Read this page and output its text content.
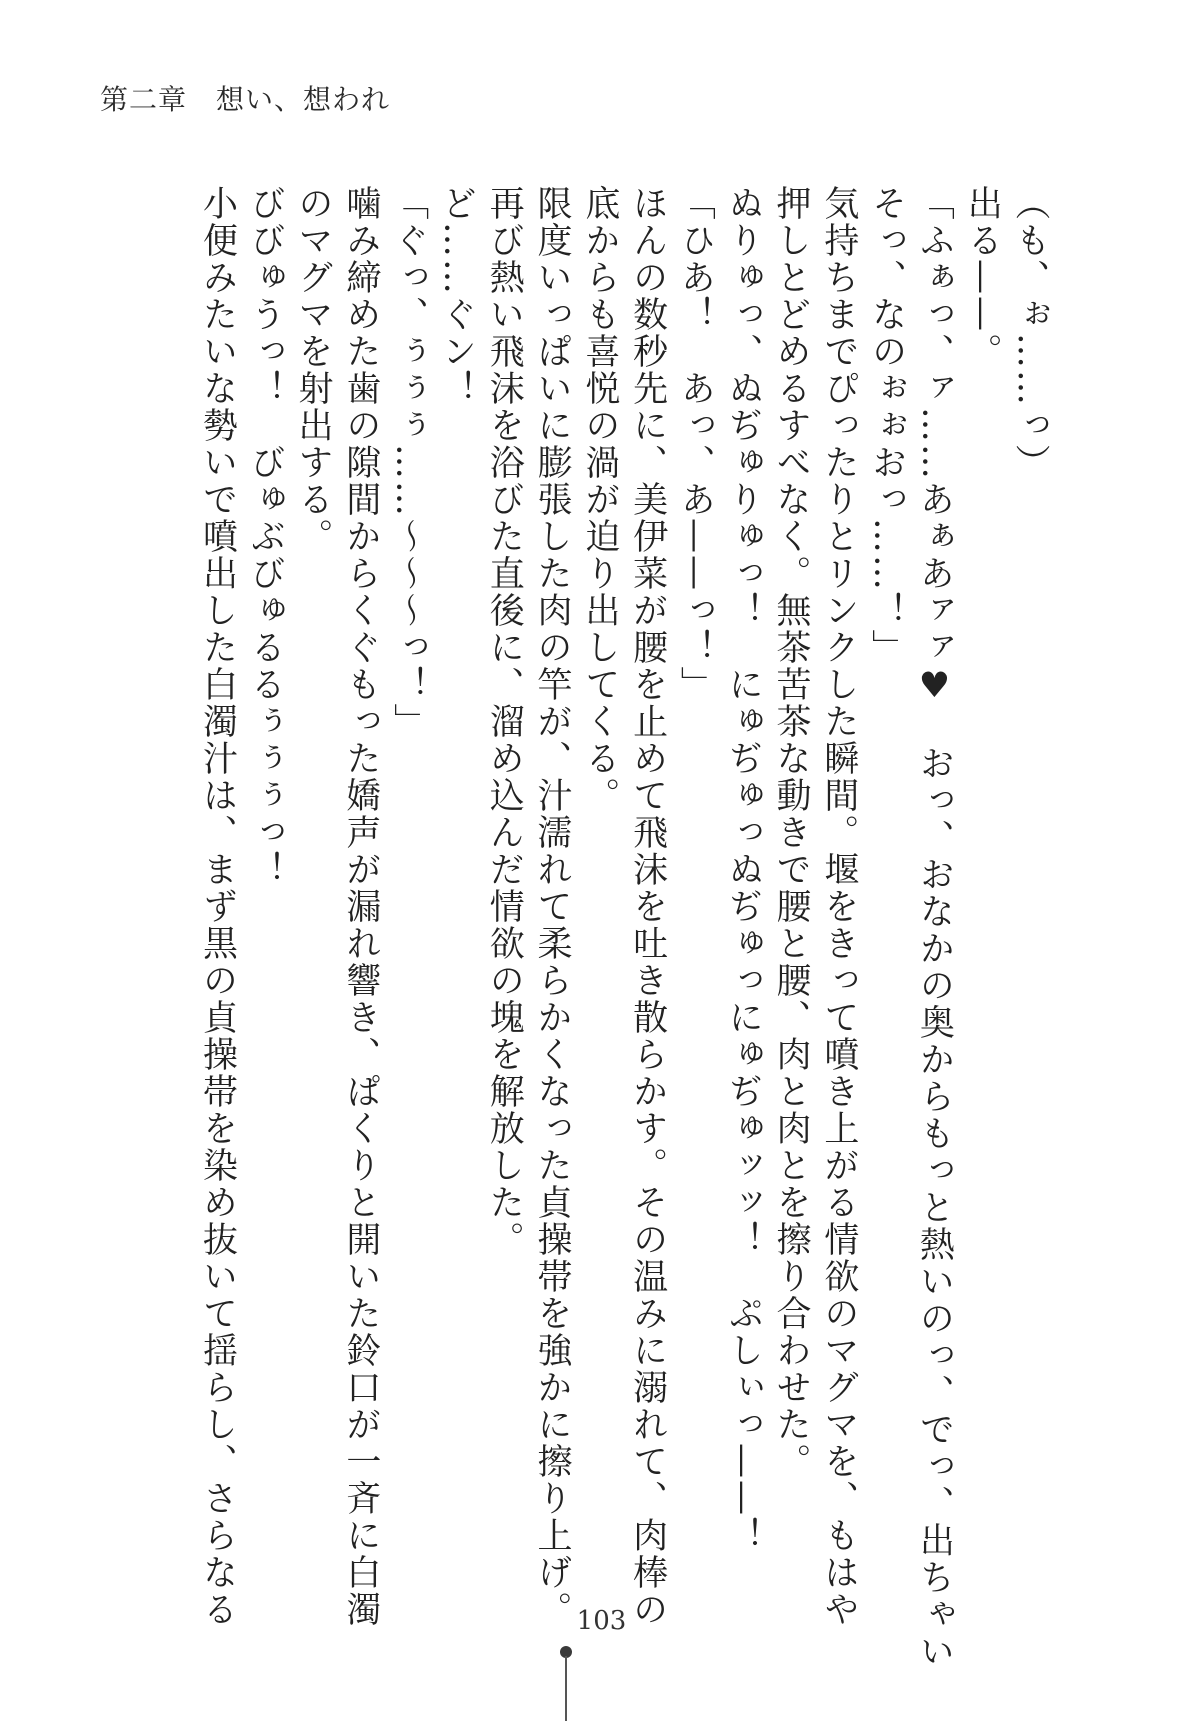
第二章　想い、想われ
（も、ぉ……っ）
出る——。
「ふぁっ、ァ……あぁあァァ♥　おっ、おなかの奥からもっと熱いのっ、でっ、出ちゃい
そっ、なのぉぉおっ……！」
気持ちまでぴったりとリンクした瞬間。堰をきって噴き上がる情欲のマグマを、もはや
押しとどめるすべなく。無茶苦茶な動きで腰と腰、肉と肉とを擦り合わせた。
ぬりゅっ、ぬぢゅりゅっ！　にゅぢゅっぬぢゅっにゅぢゅッッ！　ぷしぃっ——！
「ひあ！　あっ、あ——っ！」
ほんの数秒先に、美伊菜が腰を止めて飛沫を吐き散らかす。その温みに溺れて、肉棒の
底からも喜悦の渦が迫り出してくる。
限度いっぱいに膨張した肉の竿が、汁濡れて柔らかくなった貞操帯を強かに擦り上げ。
再び熱い飛沫を浴びた直後に、溜め込んだ情欲の塊を解放した。
ど……ぐン！
「ぐっ、ぅぅぅ……〜〜〜っ！」
噛み締めた歯の隙間からくぐもった嬌声が漏れ響き、ぱくりと開いた鈴口が一斉に白濁
のマグマを射出する。
びびゅうっ！　びゅぶびゅるるぅぅぅっ！
小便みたいな勢いで噴出した白濁汁は、まず黒の貞操帯を染め抜いて揺らし、さらなる	103
